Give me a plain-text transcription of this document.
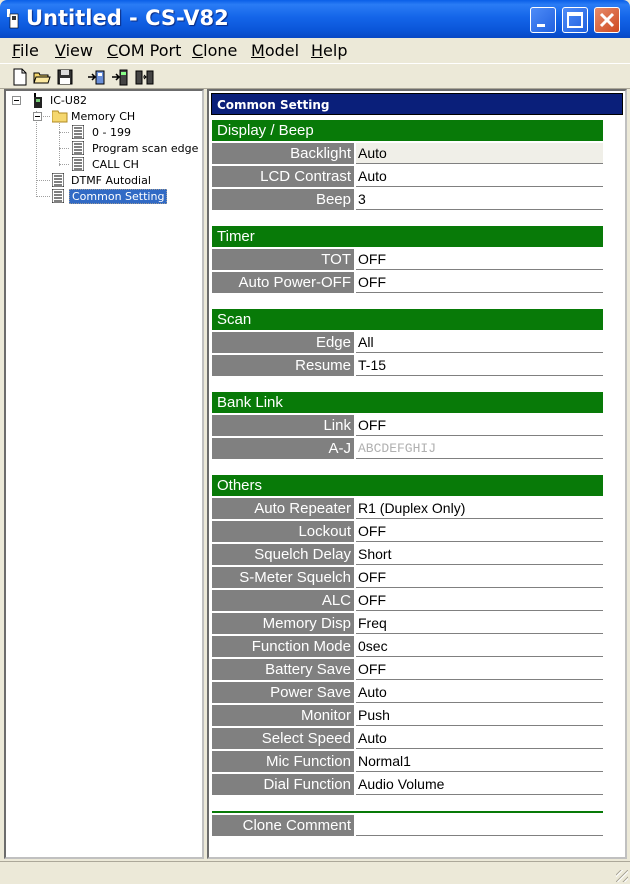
Untitled - CS-V82
File View COM Port Clone Model Help
IC-U82
Memory CH
0 - 199
Program scan edge
CALL CH
DTMF Autodial
Common Setting
Common Setting
Display / Beep
Backlight Auto
LCD Contrast Auto
Beep 3
Timer
TOT OFF
Auto Power-OFF OFF
Scan
Edge All
Resume T-15
Bank Link
Link OFF
A-J ABCDEFGHIJ
Others
Auto Repeater R1 (Duplex Only)
Lockout OFF
Squelch Delay Short
S-Meter Squelch OFF
ALC OFF
Memory Disp Freq
Function Mode 0sec
Battery Save OFF
Power Save Auto
Monitor Push
Select Speed Auto
Mic Function Normal1
Dial Function Audio Volume
Clone Comment
